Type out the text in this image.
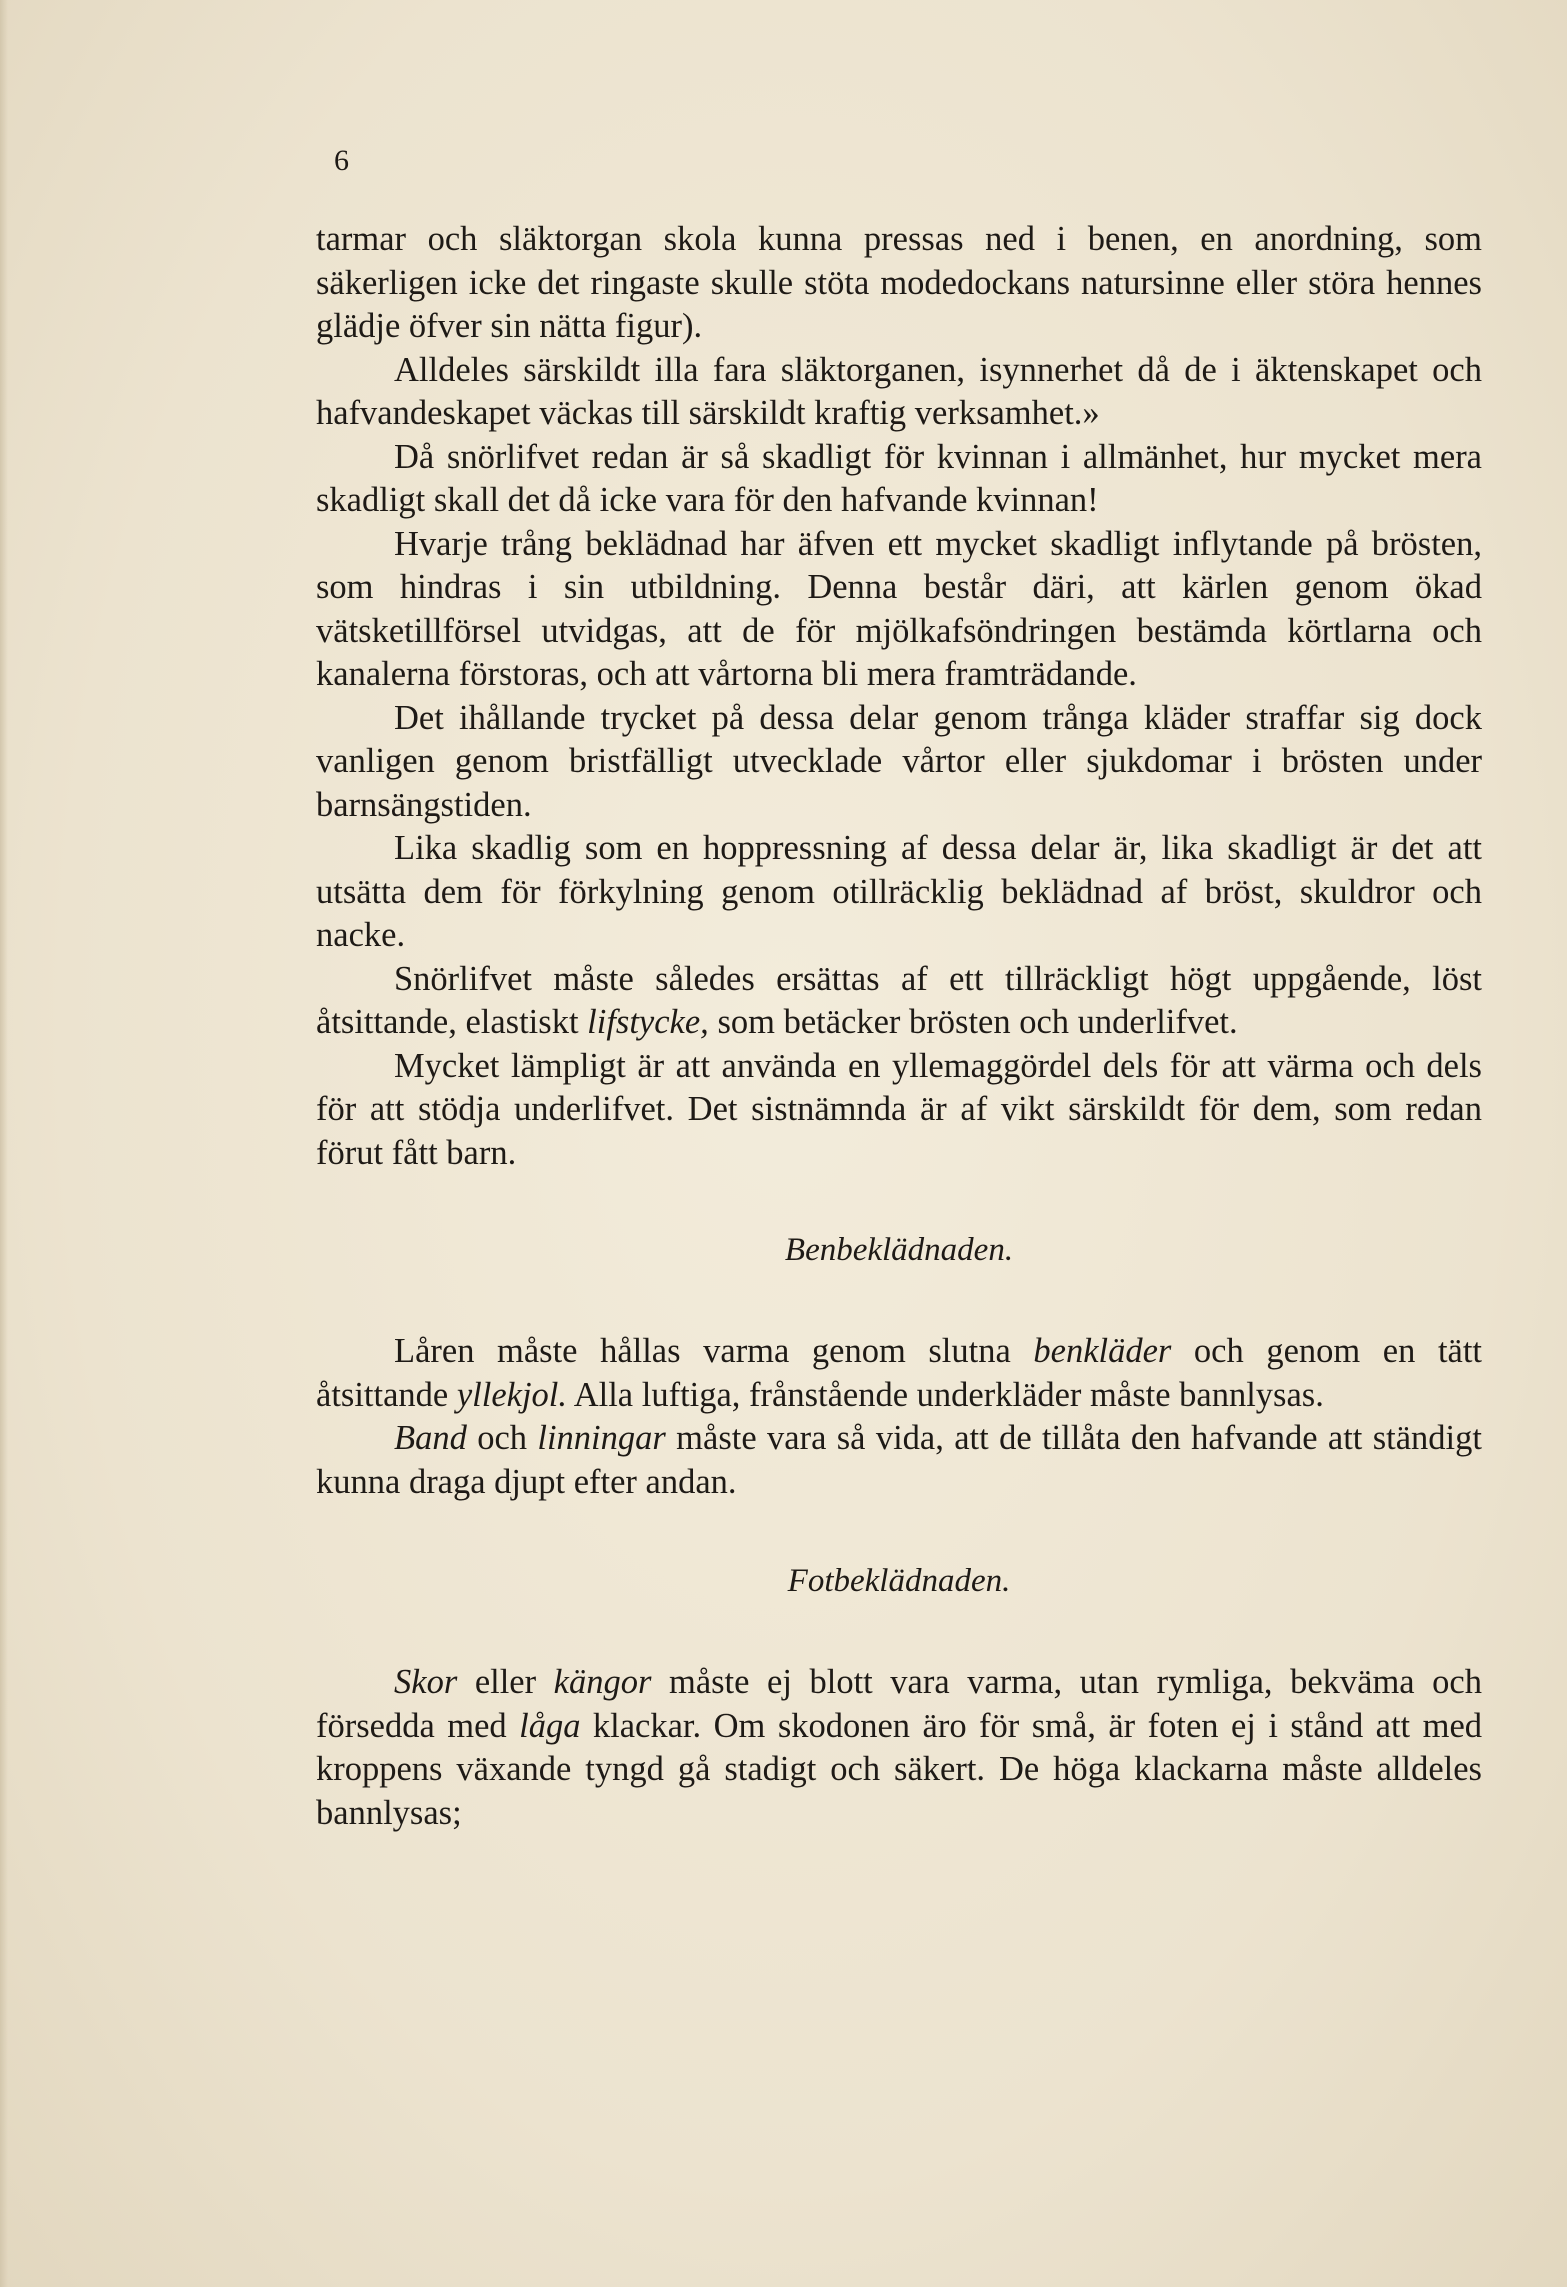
6

tarmar och släktorgan skola kunna pressas ned i benen, en anordning, som säkerligen icke det ringaste skulle stöta modedockans natursinne eller störa hennes glädje öfver sin nätta figur).

Alldeles särskildt illa fara släktorganen, isynnerhet då de i äktenskapet och hafvandeskapet väckas till särskildt kraftig verksamhet.»

Då snörlifvet redan är så skadligt för kvinnan i allmänhet, hur mycket mera skadligt skall det då icke vara för den hafvande kvinnan!

Hvarje trång beklädnad har äfven ett mycket skadligt inflytande på brösten, som hindras i sin utbildning. Denna består däri, att kärlen genom ökad vätsketillförsel utvidgas, att de för mjölkafsöndringen bestämda körtlarna och kanalerna förstoras, och att vårtorna bli mera framträdande.

Det ihållande trycket på dessa delar genom trånga kläder straffar sig dock vanligen genom bristfälligt utvecklade vårtor eller sjukdomar i brösten under barnsängstiden.

Lika skadlig som en hoppressning af dessa delar är, lika skadligt är det att utsätta dem för förkylning genom otillräcklig beklädnad af bröst, skuldror och nacke.

Snörlifvet måste således ersättas af ett tillräckligt högt uppgående, löst åtsittande, elastiskt lifstycke, som betäcker brösten och underlifvet.

Mycket lämpligt är att använda en yllemaggördel dels för att värma och dels för att stödja underlifvet. Det sistnämnda är af vikt särskildt för dem, som redan förut fått barn.

Benbeklädnaden.

Låren måste hållas varma genom slutna benkläder och genom en tätt åtsittande yllekjol. Alla luftiga, frånstående underkläder måste bannlysas.

Band och linningar måste vara så vida, att de tillåta den hafvande att ständigt kunna draga djupt efter andan.

Fotbeklädnaden.

Skor eller kängor måste ej blott vara varma, utan rymliga, bekväma och försedda med låga klackar. Om skodonen äro för små, är foten ej i stånd att med kroppens växande tyngd gå stadigt och säkert. De höga klackarna måste alldeles bannlysas;
